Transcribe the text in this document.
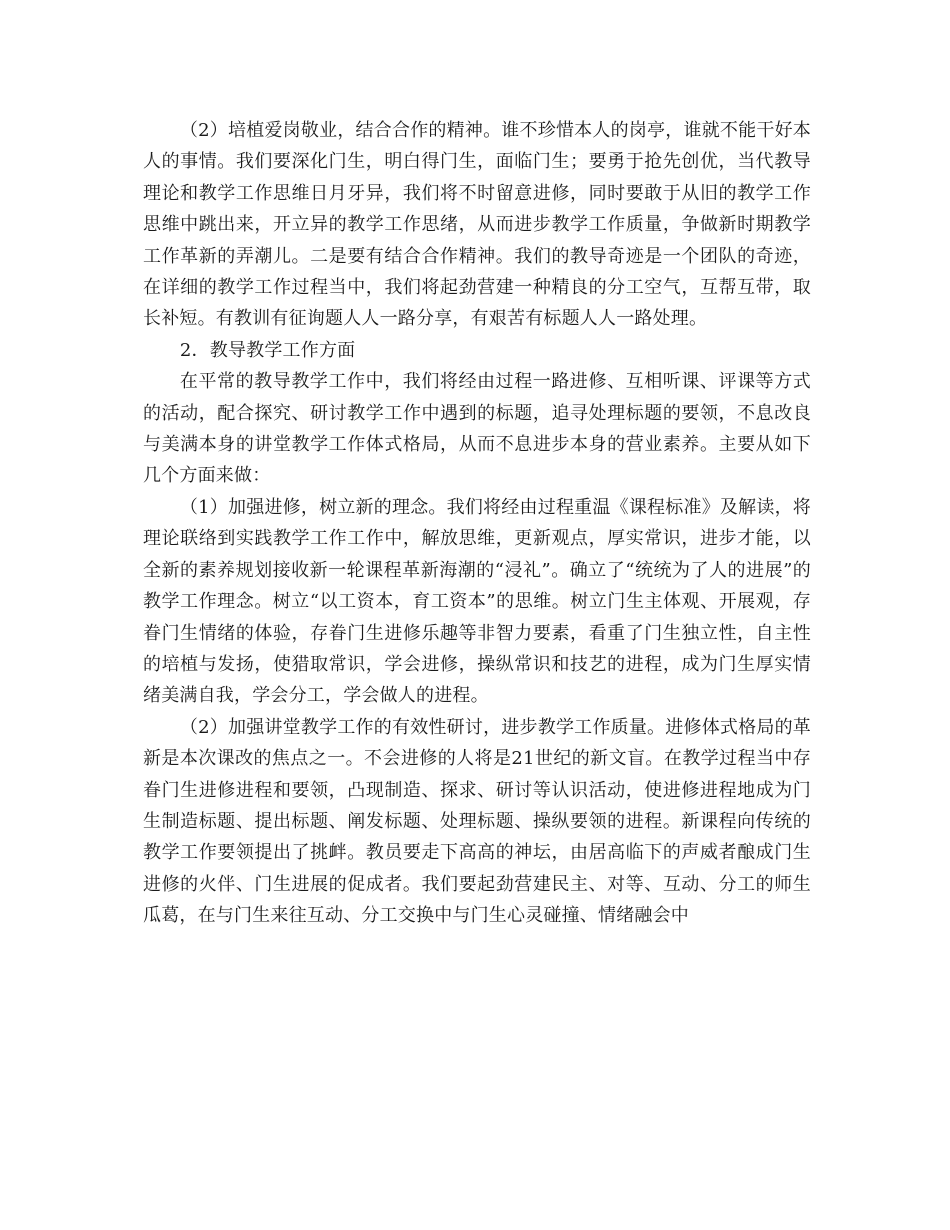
（2）培植爱岗敬业，结合合作的精神。谁不珍惜本人的岗亭，谁就不能干好本人的事情。我们要深化门生，明白得门生，面临门生；要勇于抢先创优，当代教导理论和教学工作思维日月牙异，我们将不时留意进修，同时要敢于从旧的教学工作思维中跳出来，开立异的教学工作思绪，从而进步教学工作质量，争做新时期教学工作革新的弄潮儿。二是要有结合合作精神。我们的教导奇迹是一个团队的奇迹，在详细的教学工作过程当中，我们将起劲营建一种精良的分工空气，互帮互带，取长补短。有教训有征询题人人一路分享，有艰苦有标题人人一路处理。

2．教导教学工作方面

在平常的教导教学工作中，我们将经由过程一路进修、互相听课、评课等方式的活动，配合探究、研讨教学工作中遇到的标题，追寻处理标题的要领，不息改良与美满本身的讲堂教学工作体式格局，从而不息进步本身的营业素养。主要从如下几个方面来做：

（1）加强进修，树立新的理念。我们将经由过程重温《课程标准》及解读，将理论联络到实践教学工作工作中，解放思维，更新观点，厚实常识，进步才能，以全新的素养规划接收新一轮课程革新海潮的“浸礼”。确立了“统统为了人的进展”的教学工作理念。树立“以工资本，育工资本”的思维。树立门生主体观、开展观，存眷门生情绪的体验，存眷门生进修乐趣等非智力要素，看重了门生独立性，自主性的培植与发扬，使猎取常识，学会进修，操纵常识和技艺的进程，成为门生厚实情绪美满自我，学会分工，学会做人的进程。

（2）加强讲堂教学工作的有效性研讨，进步教学工作质量。进修体式格局的革新是本次课改的焦点之一。不会进修的人将是21世纪的新文盲。在教学过程当中存眷门生进修进程和要领，凸现制造、探求、研讨等认识活动，使进修进程地成为门生制造标题、提出标题、阐发标题、处理标题、操纵要领的进程。新课程向传统的教学工作要领提出了挑衅。教员要走下高高的神坛，由居高临下的声威者酿成门生进修的火伴、门生进展的促成者。我们要起劲营建民主、对等、互动、分工的师生瓜葛，在与门生来往互动、分工交换中与门生心灵碰撞、情绪融会中
